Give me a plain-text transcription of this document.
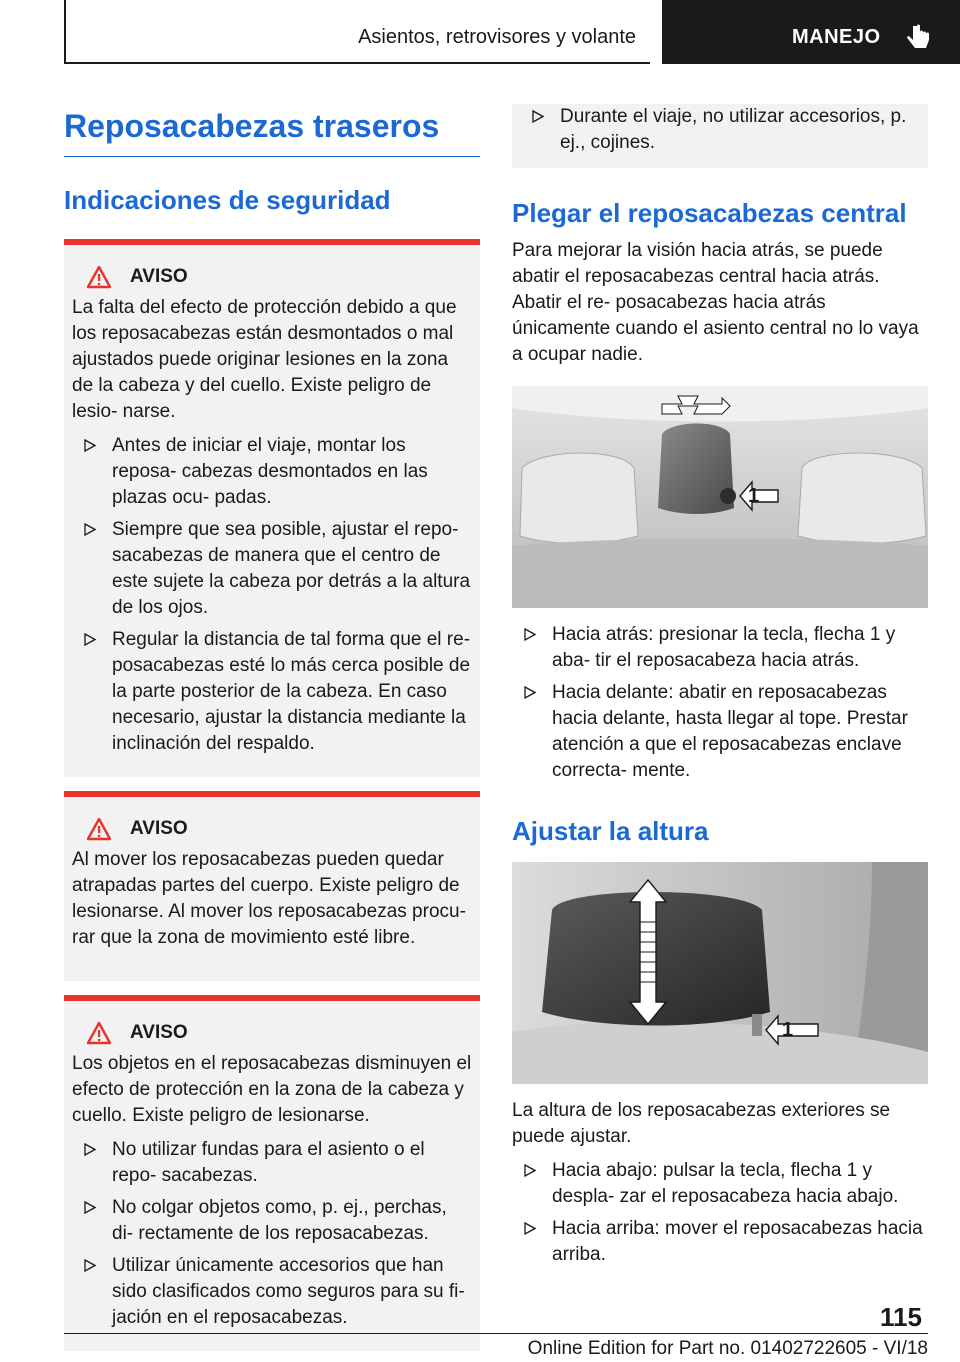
Asientos, retrovisores y volante	MANEJO
Reposacabezas traseros
Indicaciones de seguridad
AVISO

La falta del efecto de protección debido a que los reposacabezas están desmontados o mal ajustados puede originar lesiones en la zona de la cabeza y del cuello. Existe peligro de lesio‐ narse.

Antes de iniciar el viaje, montar los reposa‐ cabezas desmontados en las plazas ocu‐ padas.
Siempre que sea posible, ajustar el repo‐ sacabezas de manera que el centro de este sujete la cabeza por detrás a la altura de los ojos.
Regular la distancia de tal forma que el re‐ posacabezas esté lo más cerca posible de la parte posterior de la cabeza. En caso necesario, ajustar la distancia mediante la inclinación del respaldo.
AVISO

Al mover los reposacabezas pueden quedar atrapadas partes del cuerpo. Existe peligro de lesionarse. Al mover los reposacabezas procu‐ rar que la zona de movimiento esté libre.

AVISO

Los objetos en el reposacabezas disminuyen el efecto de protección en la zona de la cabeza y cuello. Existe peligro de lesionarse.

No utilizar fundas para el asiento o el repo‐ sacabezas.
No colgar objetos como, p. ej., perchas, di‐ rectamente de los reposacabezas.
Utilizar únicamente accesorios que han sido clasificados como seguros para su fi‐ jación en el reposacabezas.
Durante el viaje, no utilizar accesorios, p. ej., cojines.
Plegar el reposacabezas central

Para mejorar la visión hacia atrás, se puede abatir el reposacabezas central hacia atrás. Abatir el re‐ posacabezas hacia atrás únicamente cuando el asiento central no lo vaya a ocupar nadie.

1
Hacia atrás: presionar la tecla, flecha 1 y aba‐ tir el reposacabeza hacia atrás.
Hacia delante: abatir en reposacabezas hacia delante, hasta llegar al tope. Prestar atención a que el reposacabezas enclave correcta‐ mente.
Ajustar la altura
1

La altura de los reposacabezas exteriores se puede ajustar.

Hacia abajo: pulsar la tecla, flecha 1 y despla‐ zar el reposacabeza hacia abajo.
Hacia arriba: mover el reposacabezas hacia arriba.
115
Online Edition for Part no. 01402722605 - VI/18
